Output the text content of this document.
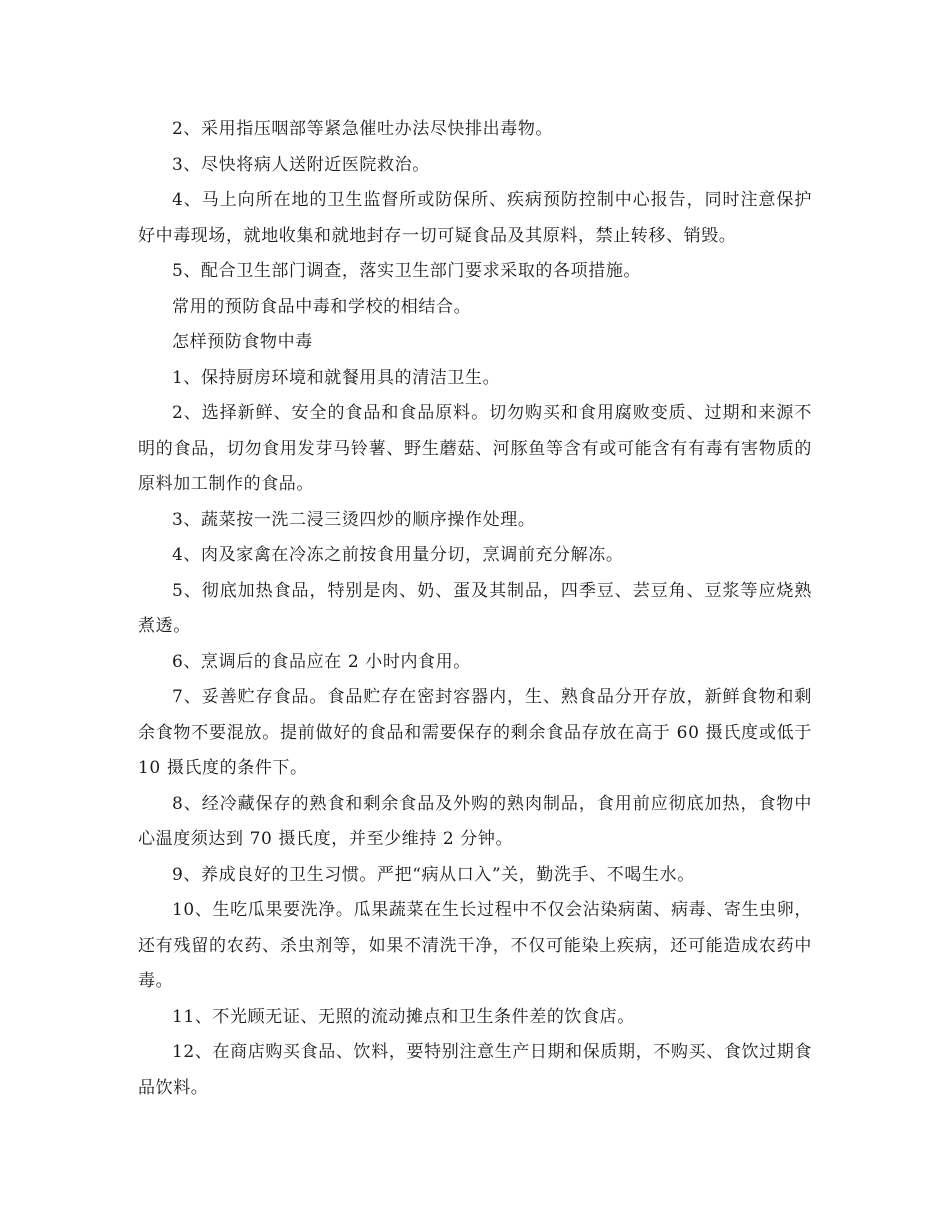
2、采用指压咽部等紧急催吐办法尽快排出毒物。

3、尽快将病人送附近医院救治。

4、马上向所在地的卫生监督所或防保所、疾病预防控制中心报告，同时注意保护好中毒现场，就地收集和就地封存一切可疑食品及其原料，禁止转移、销毁。

5、配合卫生部门调查，落实卫生部门要求采取的各项措施。

常用的预防食品中毒和学校的相结合。

怎样预防食物中毒

1、保持厨房环境和就餐用具的清洁卫生。

2、选择新鲜、安全的食品和食品原料。切勿购买和食用腐败变质、过期和来源不明的食品，切勿食用发芽马铃薯、野生蘑菇、河豚鱼等含有或可能含有有毒有害物质的原料加工制作的食品。

3、蔬菜按一洗二浸三烫四炒的顺序操作处理。

4、肉及家禽在冷冻之前按食用量分切，烹调前充分解冻。

5、彻底加热食品，特别是肉、奶、蛋及其制品，四季豆、芸豆角、豆浆等应烧熟煮透。

6、烹调后的食品应在 2 小时内食用。

7、妥善贮存食品。食品贮存在密封容器内，生、熟食品分开存放，新鲜食物和剩余食物不要混放。提前做好的食品和需要保存的剩余食品存放在高于 60 摄氏度或低于 10 摄氏度的条件下。

8、经冷藏保存的熟食和剩余食品及外购的熟肉制品，食用前应彻底加热，食物中心温度须达到 70 摄氏度，并至少维持 2 分钟。

9、养成良好的卫生习惯。严把“病从口入”关，勤洗手、不喝生水。

10、生吃瓜果要洗净。瓜果蔬菜在生长过程中不仅会沾染病菌、病毒、寄生虫卵，还有残留的农药、杀虫剂等，如果不清洗干净，不仅可能染上疾病，还可能造成农药中毒。

11、不光顾无证、无照的流动摊点和卫生条件差的饮食店。

12、在商店购买食品、饮料，要特别注意生产日期和保质期，不购买、食饮过期食品饮料。
